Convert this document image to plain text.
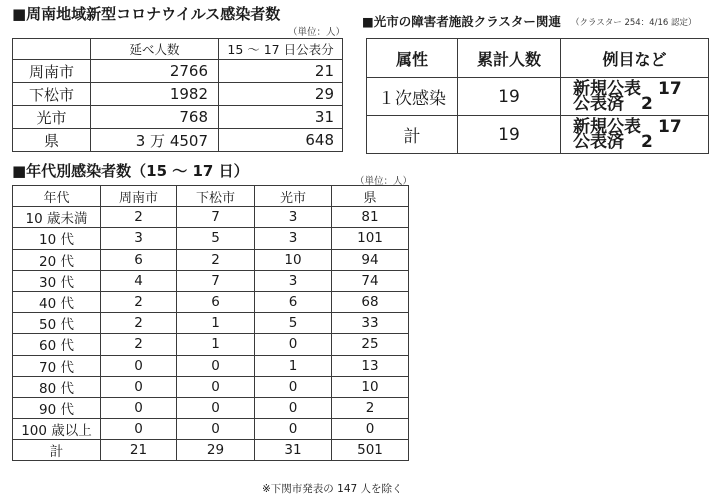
■周南地域新型コロナウイルス感染者数
（単位：人）
	延べ人数	15 ～ 17 日公表分
周南市	2766	21
下松市	1982	29
光市	768	31
県	3 万 4507	648
■光市の障害者施設クラスター関連 （クラスター 254：4/16 認定）
属性	累計人数	例目など
１次感染	19	新規公表　17
公表済　2

計	19	新規公表　17
公表済　2
■年代別感染者数（15 ～ 17 日）
（単位：人）
年代	周南市	下松市	光市	県
10 歳未満	2	7	3	81
10 代	3	5	3	101
20 代	6	2	10	94
30 代	4	7	3	74
40 代	2	6	6	68
50 代	2	1	5	33
60 代	2	1	0	25
70 代	0	0	1	13
80 代	0	0	0	10
90 代	0	0	0	2
100 歳以上	0	0	0	0
計	21	29	31	501
※下関市発表の 147 人を除く
